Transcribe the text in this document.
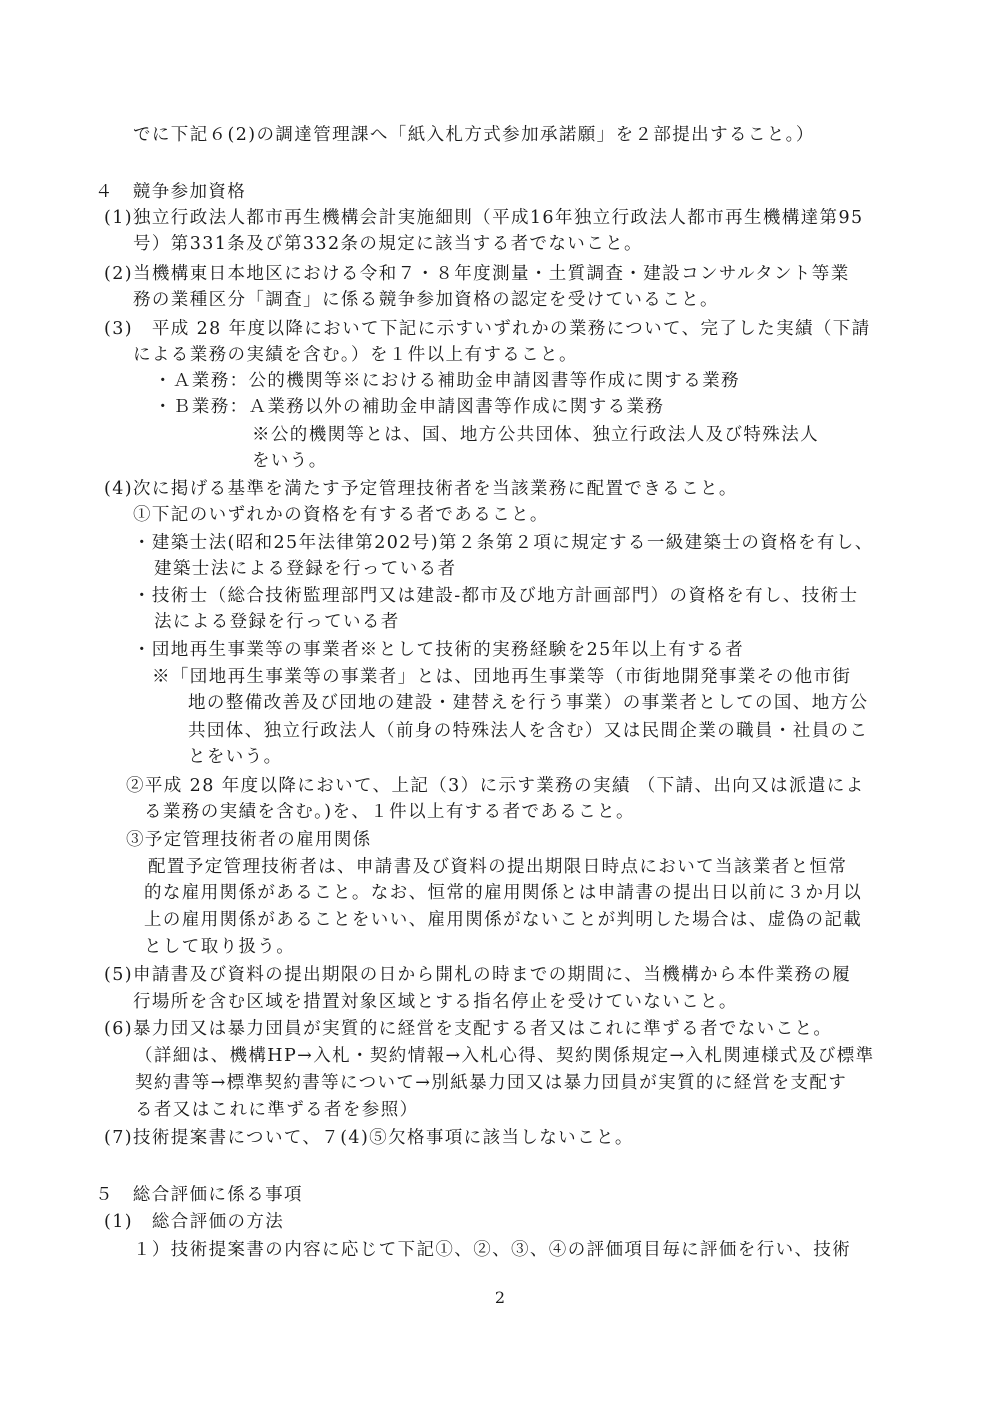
でに下記６(2)の調達管理課へ「紙入札方式参加承諾願」を２部提出すること。）
４　競争参加資格
(1)独立行政法人都市再生機構会計実施細則（平成16年独立行政法人都市再生機構達第95
号）第331条及び第332条の規定に該当する者でないこと。
(2)当機構東日本地区における令和７・８年度測量・土質調査・建設コンサルタント等業
務の業種区分「調査」に係る競争参加資格の認定を受けていること。
(3)　平成 28 年度以降において下記に示すいずれかの業務について、完了した実績（下請
による業務の実績を含む。）を１件以上有すること。
・Ａ業務：公的機関等※における補助金申請図書等作成に関する業務
・Ｂ業務：Ａ業務以外の補助金申請図書等作成に関する業務
※公的機関等とは、国、地方公共団体、独立行政法人及び特殊法人
をいう。
(4)次に掲げる基準を満たす予定管理技術者を当該業務に配置できること。
①下記のいずれかの資格を有する者であること。
・建築士法(昭和25年法律第202号)第２条第２項に規定する一級建築士の資格を有し、
建築士法による登録を行っている者
・技術士（総合技術監理部門又は建設-都市及び地方計画部門）の資格を有し、技術士
法による登録を行っている者
・団地再生事業等の事業者※として技術的実務経験を25年以上有する者
※「団地再生事業等の事業者」とは、団地再生事業等（市街地開発事業その他市街
地の整備改善及び団地の建設・建替えを行う事業）の事業者としての国、地方公
共団体、独立行政法人（前身の特殊法人を含む）又は民間企業の職員・社員のこ
とをいう。
②平成 28 年度以降において、上記（3）に示す業務の実績 （下請、出向又は派遣によ
る業務の実績を含む。)を、１件以上有する者であること。
③予定管理技術者の雇用関係
配置予定管理技術者は、申請書及び資料の提出期限日時点において当該業者と恒常
的な雇用関係があること。なお、恒常的雇用関係とは申請書の提出日以前に３か月以
上の雇用関係があることをいい、雇用関係がないことが判明した場合は、虚偽の記載
として取り扱う。
(5)申請書及び資料の提出期限の日から開札の時までの期間に、当機構から本件業務の履
行場所を含む区域を措置対象区域とする指名停止を受けていないこと。
(6)暴力団又は暴力団員が実質的に経営を支配する者又はこれに準ずる者でないこと。
（詳細は、機構HP→入札・契約情報→入札心得、契約関係規定→入札関連様式及び標準
契約書等→標準契約書等について→別紙暴力団又は暴力団員が実質的に経営を支配す
る者又はこれに準ずる者を参照）
(7)技術提案書について、７(4)⑤欠格事項に該当しないこと。
５　総合評価に係る事項
(1)　総合評価の方法
１）技術提案書の内容に応じて下記①、②、③、④の評価項目毎に評価を行い、技術
2
